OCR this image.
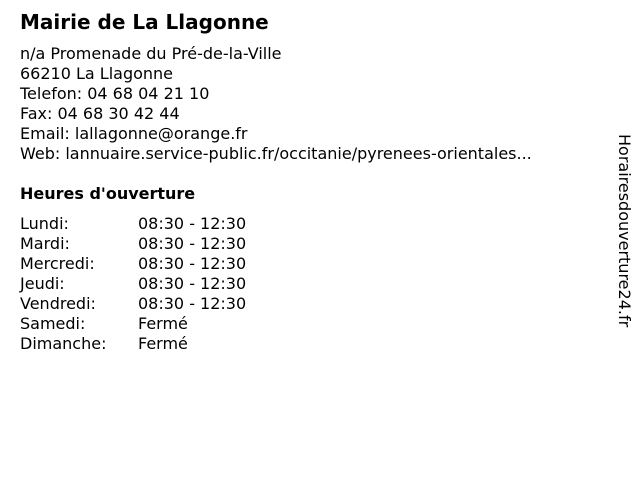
Mairie de La Llagonne
n/a Promenade du Pré-de-la-Ville
66210 La Llagonne
Telefon: 04 68 04 21 10
Fax: 04 68 30 42 44
Email: lallagonne@orange.fr
Web: lannuaire.service-public.fr/occitanie/pyrenees-orientales...
Heures d'ouverture
Lundi:	08:30 - 12:30
Mardi:	08:30 - 12:30
Mercredi:	08:30 - 12:30
Jeudi:	08:30 - 12:30
Vendredi:	08:30 - 12:30
Samedi:	Fermé
Dimanche: Fermé
Horairesdouverture24.fr
